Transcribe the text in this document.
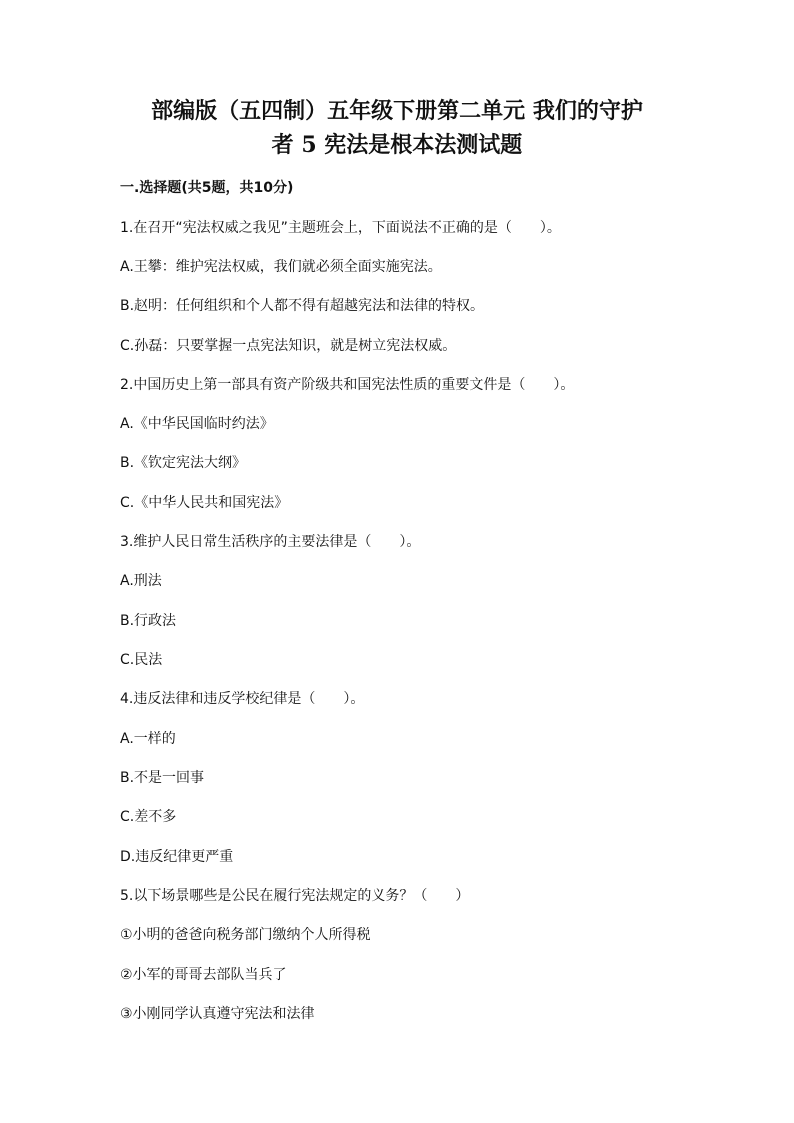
部编版（五四制）五年级下册第二单元 我们的守护
者 5 宪法是根本法测试题
一.选择题(共5题，共10分)
1.在召开“宪法权威之我见”主题班会上，下面说法不正确的是（　　）。
A.王攀：维护宪法权威，我们就必须全面实施宪法。
B.赵明：任何组织和个人都不得有超越宪法和法律的特权。
C.孙磊：只要掌握一点宪法知识，就是树立宪法权威。
2.中国历史上第一部具有资产阶级共和国宪法性质的重要文件是（　　）。
A.《中华民国临时约法》
B.《钦定宪法大纲》
C.《中华人民共和国宪法》
3.维护人民日常生活秩序的主要法律是（　　）。
A.刑法
B.行政法
C.民法
4.违反法律和违反学校纪律是（　　）。
A.一样的
B.不是一回事
C.差不多
D.违反纪律更严重
5.以下场景哪些是公民在履行宪法规定的义务？（　　）
①小明的爸爸向税务部门缴纳个人所得税
②小军的哥哥去部队当兵了
③小刚同学认真遵守宪法和法律
